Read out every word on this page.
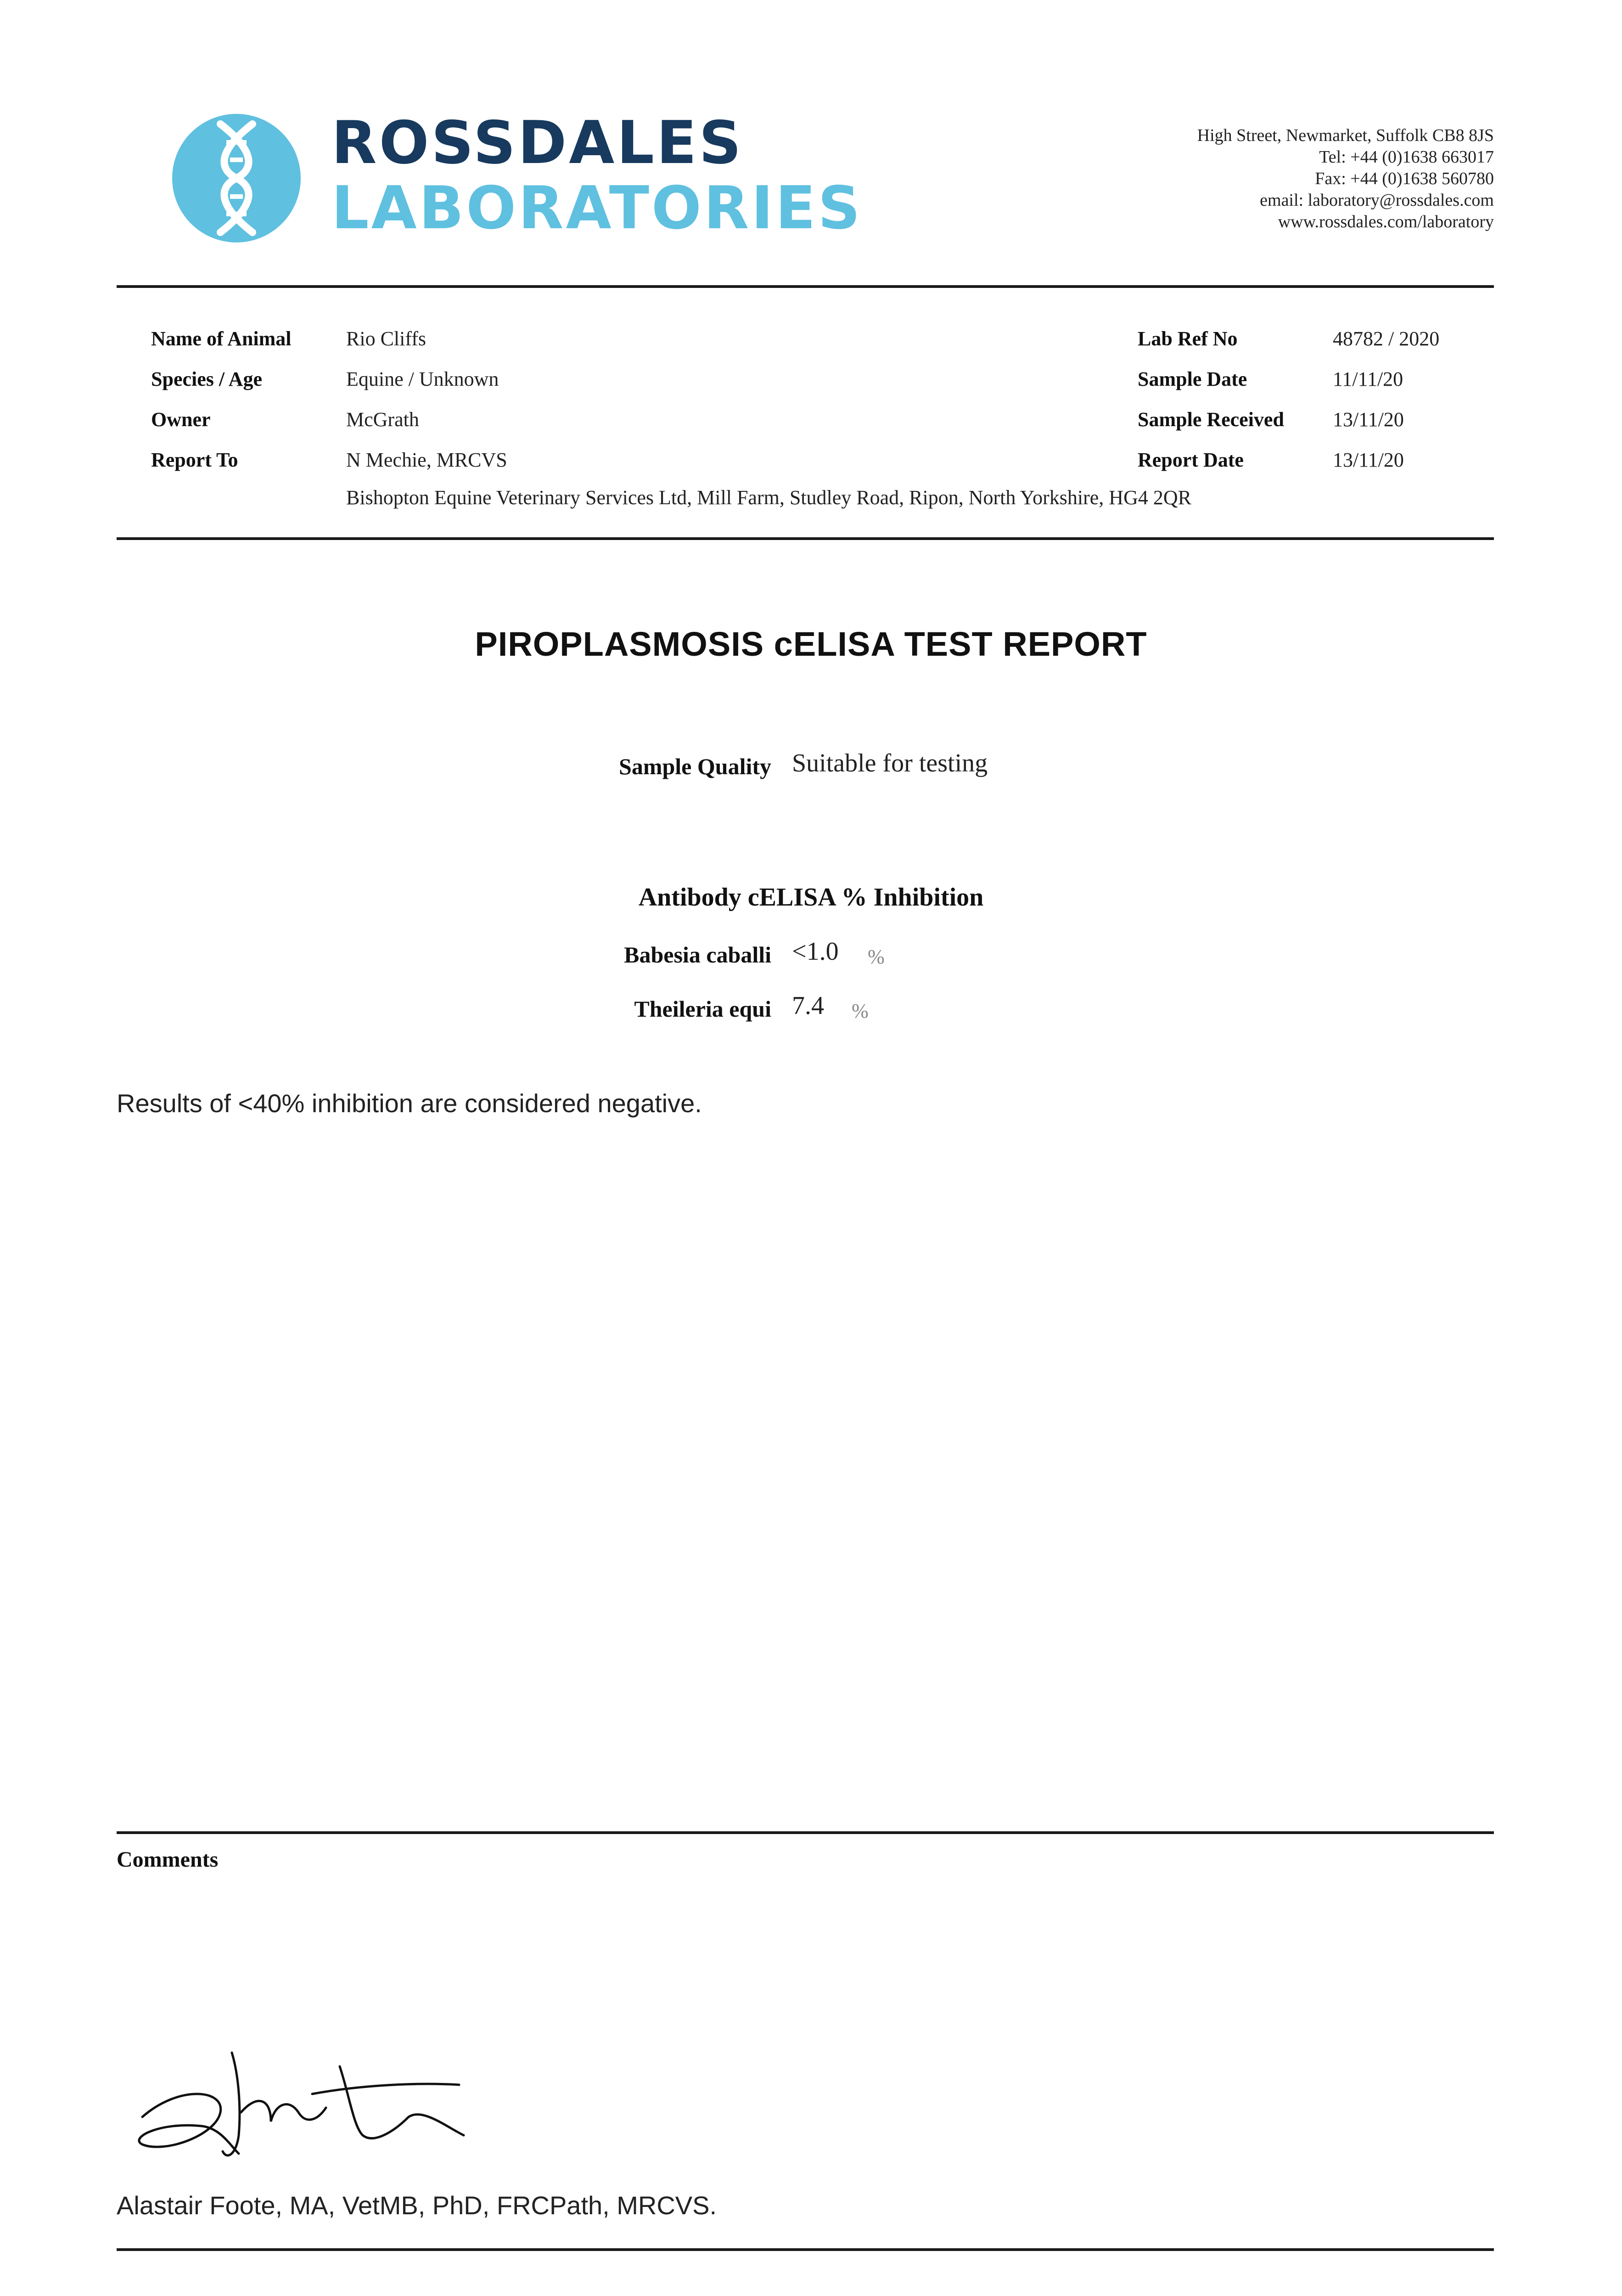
ROSSDALES
LABORATORIES
High Street, Newmarket, Suffolk CB8 8JS
Tel: +44 (0)1638 663017
Fax: +44 (0)1638 560780
email: laboratory@rossdales.com
www.rossdales.com/laboratory
Name of Animal	Rio Cliffs
Species / Age	Equine / Unknown
Owner	McGrath
Report To	N Mechie, MRCVS
Bishopton Equine Veterinary Services Ltd, Mill Farm, Studley Road, Ripon, North Yorkshire, HG4 2QR
Lab Ref No	48782 / 2020
Sample Date	11/11/20
Sample Received 13/11/20
Report Date	13/11/20
PIROPLASMOSIS cELISA TEST REPORT
Sample Quality Suitable for testing
Antibody cELISA % Inhibition
Babesia caballi <1.0 %
Theileria equi 7.4 %
Results of <40% inhibition are considered negative.
Comments
Alastair Foote, MA, VetMB, PhD, FRCPath, MRCVS.
